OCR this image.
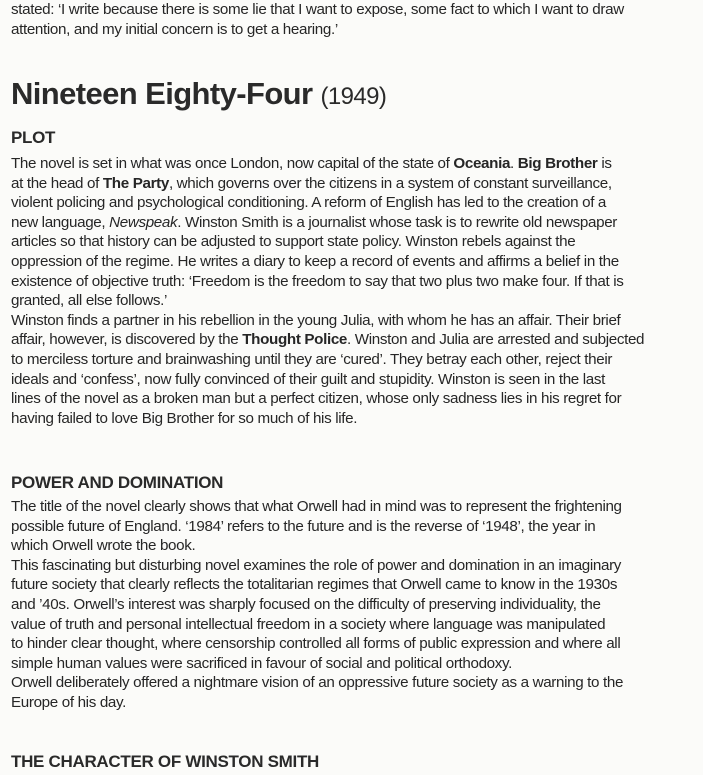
stated: ‘I write because there is some lie that I want to expose, some fact to which I want to draw
attention, and my initial concern is to get a hearing.’
Nineteen Eighty-Four (1949)
PLOT
The novel is set in what was once London, now capital of the state of Oceania. Big Brother is
at the head of The Party, which governs over the citizens in a system of constant surveillance,
violent policing and psychological conditioning. A reform of English has led to the creation of a
new language, Newspeak. Winston Smith is a journalist whose task is to rewrite old newspaper
articles so that history can be adjusted to support state policy. Winston rebels against the
oppression of the regime. He writes a diary to keep a record of events and affirms a belief in the
existence of objective truth: ‘Freedom is the freedom to say that two plus two make four. If that is
granted, all else follows.’
Winston finds a partner in his rebellion in the young Julia, with whom he has an affair. Their brief
affair, however, is discovered by the Thought Police. Winston and Julia are arrested and subjected
to merciless torture and brainwashing until they are ‘cured’. They betray each other, reject their
ideals and ‘confess’, now fully convinced of their guilt and stupidity. Winston is seen in the last
lines of the novel as a broken man but a perfect citizen, whose only sadness lies in his regret for
having failed to love Big Brother for so much of his life.
POWER AND DOMINATION
The title of the novel clearly shows that what Orwell had in mind was to represent the frightening
possible future of England. ‘1984’ refers to the future and is the reverse of ‘1948’, the year in
which Orwell wrote the book.
This fascinating but disturbing novel examines the role of power and domination in an imaginary
future society that clearly reflects the totalitarian regimes that Orwell came to know in the 1930s
and ’40s. Orwell’s interest was sharply focused on the difficulty of preserving individuality, the
value of truth and personal intellectual freedom in a society where language was manipulated
to hinder clear thought, where censorship controlled all forms of public expression and where all
simple human values were sacrificed in favour of social and political orthodoxy.
Orwell deliberately offered a nightmare vision of an oppressive future society as a warning to the
Europe of his day.
THE CHARACTER OF WINSTON SMITH
